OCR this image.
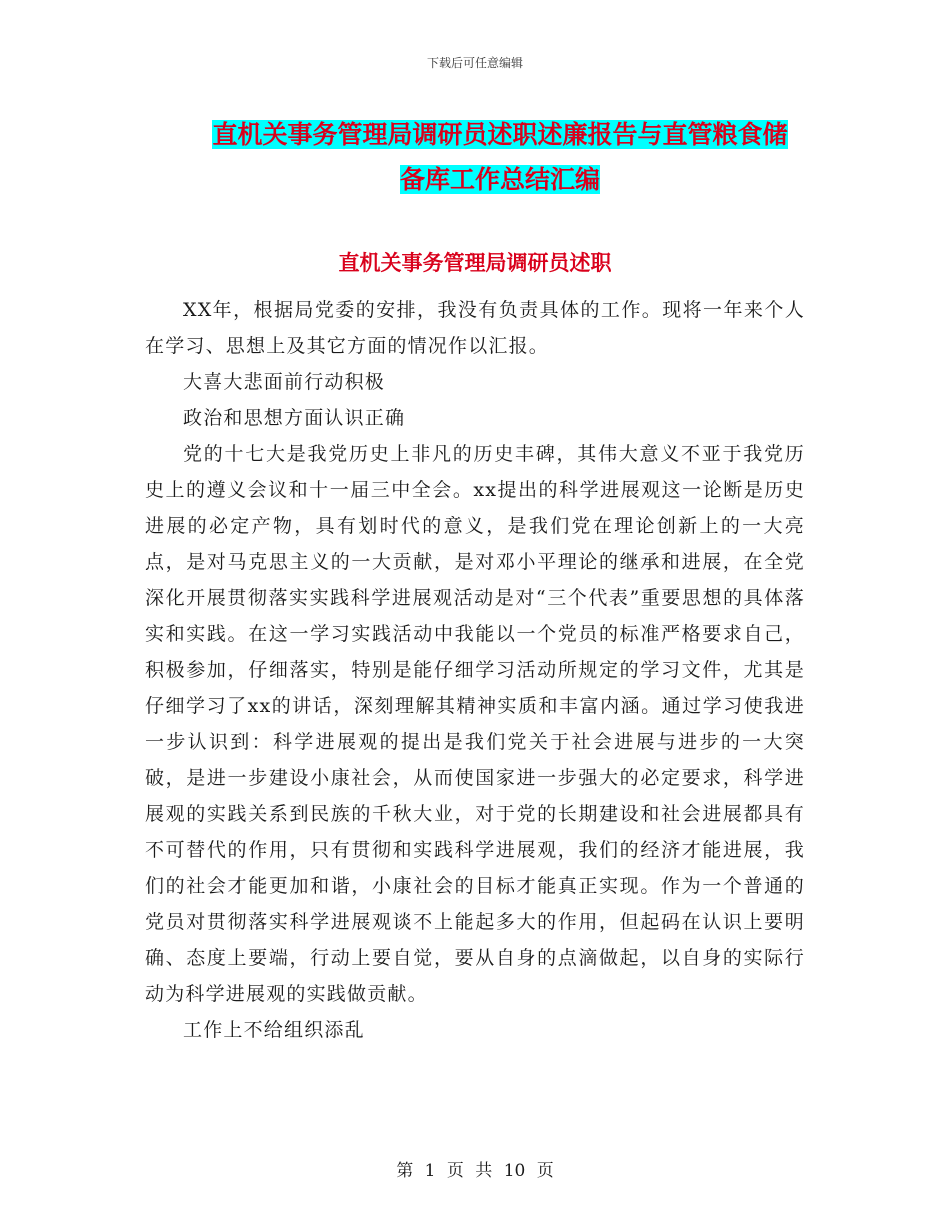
下载后可任意编辑
直机关事务管理局调研员述职述廉报告与直管粮食储
备库工作总结汇编
直机关事务管理局调研员述职

XX年，根据局党委的安排，我没有负责具体的工作。现将一年来个人在学习、思想上及其它方面的情况作以汇报。

大喜大悲面前行动积极

政治和思想方面认识正确

党的十七大是我党历史上非凡的历史丰碑，其伟大意义不亚于我党历史上的遵义会议和十一届三中全会。xx提出的科学进展观这一论断是历史进展的必定产物，具有划时代的意义，是我们党在理论创新上的一大亮点，是对马克思主义的一大贡献，是对邓小平理论的继承和进展，在全党深化开展贯彻落实实践科学进展观活动是对“三个代表”重要思想的具体落实和实践。在这一学习实践活动中我能以一个党员的标准严格要求自己，积极参加，仔细落实，特别是能仔细学习活动所规定的学习文件，尤其是仔细学习了xx的讲话，深刻理解其精神实质和丰富内涵。通过学习使我进一步认识到：科学进展观的提出是我们党关于社会进展与进步的一大突破，是进一步建设小康社会，从而使国家进一步强大的必定要求，科学进展观的实践关系到民族的千秋大业，对于党的长期建设和社会进展都具有不可替代的作用，只有贯彻和实践科学进展观，我们的经济才能进展，我们的社会才能更加和谐，小康社会的目标才能真正实现。作为一个普通的党员对贯彻落实科学进展观谈不上能起多大的作用，但起码在认识上要明确、态度上要端，行动上要自觉，要从自身的点滴做起，以自身的实际行动为科学进展观的实践做贡献。

工作上不给组织添乱

第 1 页 共 10 页
